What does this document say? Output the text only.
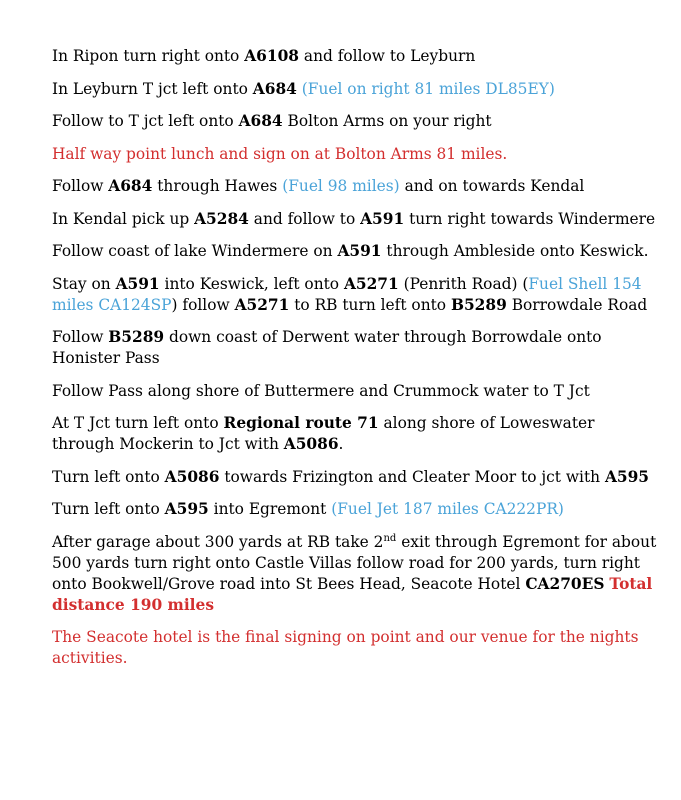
In Ripon turn right onto A6108 and follow to Leyburn

In Leyburn T jct left onto A684 (Fuel on right 81 miles DL85EY)

Follow to T jct left onto A684 Bolton Arms on your right

Half way point lunch and sign on at Bolton Arms 81 miles.

Follow A684 through Hawes (Fuel 98 miles) and on towards Kendal

In Kendal pick up A5284 and follow to A591 turn right towards Windermere

Follow coast of lake Windermere on A591 through Ambleside onto Keswick.

Stay on A591 into Keswick, left onto A5271 (Penrith Road) (Fuel Shell 154 miles CA124SP) follow A5271 to RB turn left onto B5289 Borrowdale Road

Follow B5289 down coast of Derwent water through Borrowdale onto Honister Pass

Follow Pass along shore of Buttermere and Crummock water to T Jct

At T Jct turn left onto Regional route 71 along shore of Loweswater through Mockerin to Jct with A5086.

Turn left onto A5086 towards Frizington and Cleater Moor to jct with A595

Turn left onto A595 into Egremont (Fuel Jet 187 miles CA222PR)

After garage about 300 yards at RB take 2nd exit through Egremont for about 500 yards turn right onto Castle Villas follow road for 200 yards, turn right onto Bookwell/Grove road into St Bees Head, Seacote Hotel CA270ES Total distance 190 miles

The Seacote hotel is the final signing on point and our venue for the nights activities.
